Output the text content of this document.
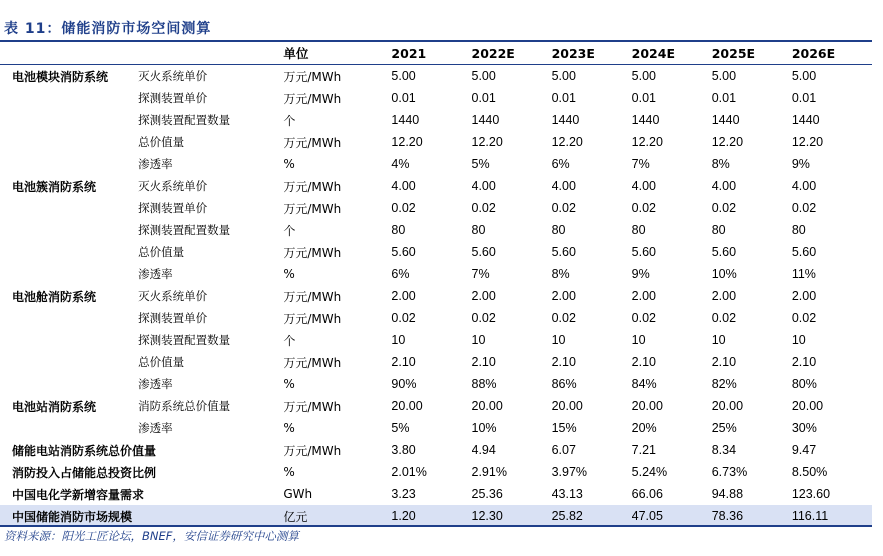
表 11：储能消防市场空间测算
		单位	2021	2022E	2023E	2024E	2025E	2026E
电池模块消防系统	灭火系统单价	万元/MWh	5.00	5.00	5.00	5.00	5.00	5.00
	探测装置单价	万元/MWh	0.01	0.01	0.01	0.01	0.01	0.01
	探测装置配置数量	个	1440	1440	1440	1440	1440	1440
	总价值量	万元/MWh	12.20	12.20	12.20	12.20	12.20	12.20
	渗透率	%	4%	5%	6%	7%	8%	9%
电池簇消防系统	灭火系统单价	万元/MWh	4.00	4.00	4.00	4.00	4.00	4.00
	探测装置单价	万元/MWh	0.02	0.02	0.02	0.02	0.02	0.02
	探测装置配置数量	个	80	80	80	80	80	80
	总价值量	万元/MWh	5.60	5.60	5.60	5.60	5.60	5.60
	渗透率	%	6%	7%	8%	9%	10%	11%
电池舱消防系统	灭火系统单价	万元/MWh	2.00	2.00	2.00	2.00	2.00	2.00
	探测装置单价	万元/MWh	0.02	0.02	0.02	0.02	0.02	0.02
	探测装置配置数量	个	10	10	10	10	10	10
	总价值量	万元/MWh	2.10	2.10	2.10	2.10	2.10	2.10
	渗透率	%	90%	88%	86%	84%	82%	80%
电池站消防系统	消防系统总价值量	万元/MWh	20.00	20.00	20.00	20.00	20.00	20.00
	渗透率	%	5%	10%	15%	20%	25%	30%
储能电站消防系统总价值量		万元/MWh	3.80	4.94	6.07	7.21	8.34	9.47
消防投入占储能总投资比例		%	2.01%	2.91%	3.97%	5.24%	6.73%	8.50%
中国电化学新增容量需求		GWh	3.23	25.36	43.13	66.06	94.88	123.60
中国储能消防市场规模		亿元	1.20	12.30	25.82	47.05	78.36	116.11
资料来源：阳光工匠论坛，BNEF，安信证券研究中心测算
